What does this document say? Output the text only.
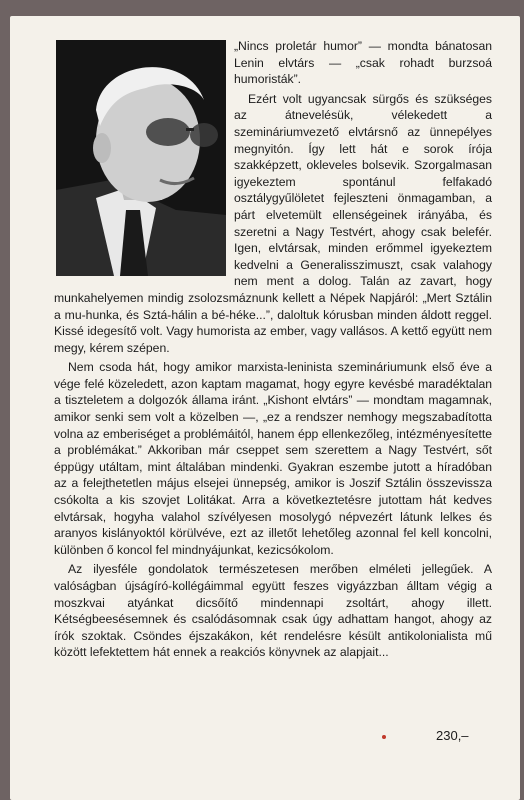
„Nincs proletár humor” — mondta bánatosan Lenin elvtárs — „csak rohadt burzsoá humoristák”.

Ezért volt ugyancsak sürgős és szükséges az átnevelésük, vélekedett a szemináriumvezető elvtársnő az ünnepélyes megnyitón. Így lett hát e sorok írója szakképzett, okleveles bolsevik. Szorgalmasan igyekeztem spontánul felfakadó osztálygyűlöletet fejleszteni önmagamban, a párt elvetemült ellenségeinek irányába, és szeretni a Nagy Testvért, ahogy csak belefér. Igen, elvtársak, minden erőmmel igyekeztem kedvelni a Generalisszimuszt, csak valahogy nem ment a dolog. Talán az zavart, hogy munkahelyemen mindig zsolozsmáznunk kellett a Népek Napjáról: „Mert Sztálin a mu-hunka, és Sztá-hálin a bé-héke...”, daloltuk kórusban minden áldott reggel. Kissé idegesítő volt. Vagy humorista az ember, vagy vallásos. A kettő együtt nem megy, kérem szépen.

Nem csoda hát, hogy amikor marxista-leninista szemináriumunk első éve a vége felé közeledett, azon kaptam magamat, hogy egyre kevésbé maradéktalan a tiszteletem a dolgozók állama iránt. „Kishont elvtárs” — mondtam magamnak, amikor senki sem volt a közelben —, „ez a rendszer nemhogy megszabadította volna az emberiséget a problémáitól, hanem épp ellenkezőleg, intézményesítette a problémákat.” Akkoriban már cseppet sem szerettem a Nagy Testvért, sőt éppügy utáltam, mint általában mindenki. Gyakran eszembe jutott a híradóban az a felejthetetlen május elsejei ünnepség, amikor is Joszif Sztálin összevissza csókolta a kis szovjet Lolitákat. Arra a következtetésre jutottam hát kedves elvtársak, hogyha valahol szívélyesen mosolygó népvezért látunk lelkes és aranyos kislányoktól körülvéve, ezt az illetőt lehetőleg azonnal fel kell koncolni, különben ő koncol fel mindnyájunkat, kezicsókolom.

Az ilyesféle gondolatok természetesen merőben elméleti jellegűek. A valóságban újságíró-kollégáimmal együtt feszes vigyázzban álltam végig a moszkvai atyánkat dicsőítő mindennapi zsoltárt, ahogy illett. Kétségbeesésemnek és csalódásomnak csak úgy adhattam hangot, ahogy az írók szoktak. Csöndes éjszakákon, két rendelésre késült antikolonialista mű között lefektettem hát ennek a reakciós könyvnek az alapjait...

230,–
